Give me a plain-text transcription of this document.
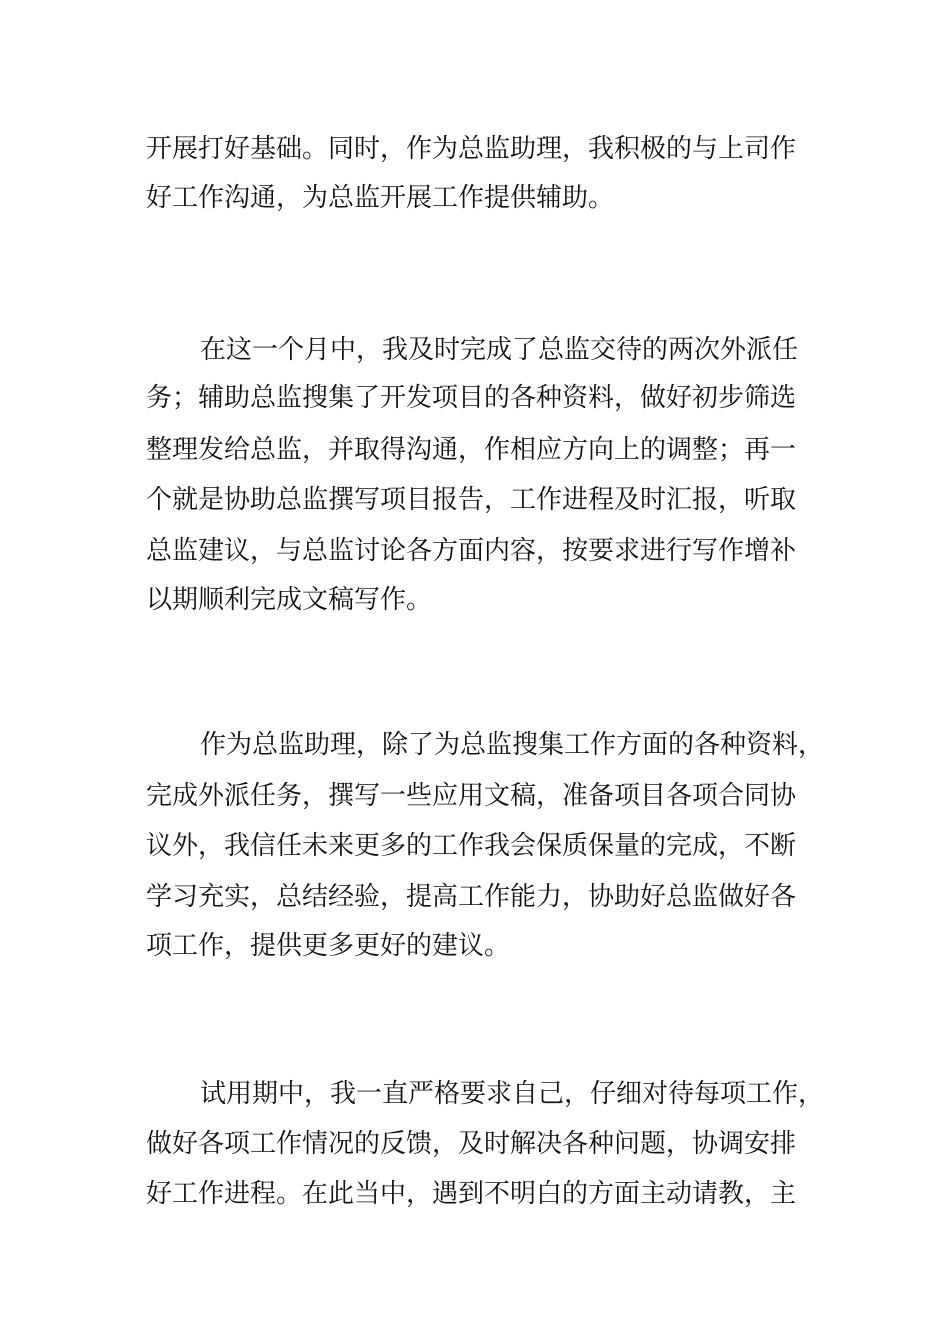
开展打好基础。同时，作为总监助理，我积极的与上司作

好工作沟通，为总监开展工作提供辅助。

在这一个月中，我及时完成了总监交待的两次外派任

务；辅助总监搜集了开发项目的各种资料，做好初步筛选

整理发给总监，并取得沟通，作相应方向上的调整；再一

个就是协助总监撰写项目报告，工作进程及时汇报，听取

总监建议，与总监讨论各方面内容，按要求进行写作增补

以期顺利完成文稿写作。

作为总监助理，除了为总监搜集工作方面的各种资料，

完成外派任务，撰写一些应用文稿，准备项目各项合同协

议外，我信任未来更多的工作我会保质保量的完成，不断

学习充实，总结经验，提高工作能力，协助好总监做好各

项工作，提供更多更好的建议。

试用期中，我一直严格要求自己，仔细对待每项工作，

做好各项工作情况的反馈，及时解决各种问题，协调安排

好工作进程。在此当中，遇到不明白的方面主动请教，主
